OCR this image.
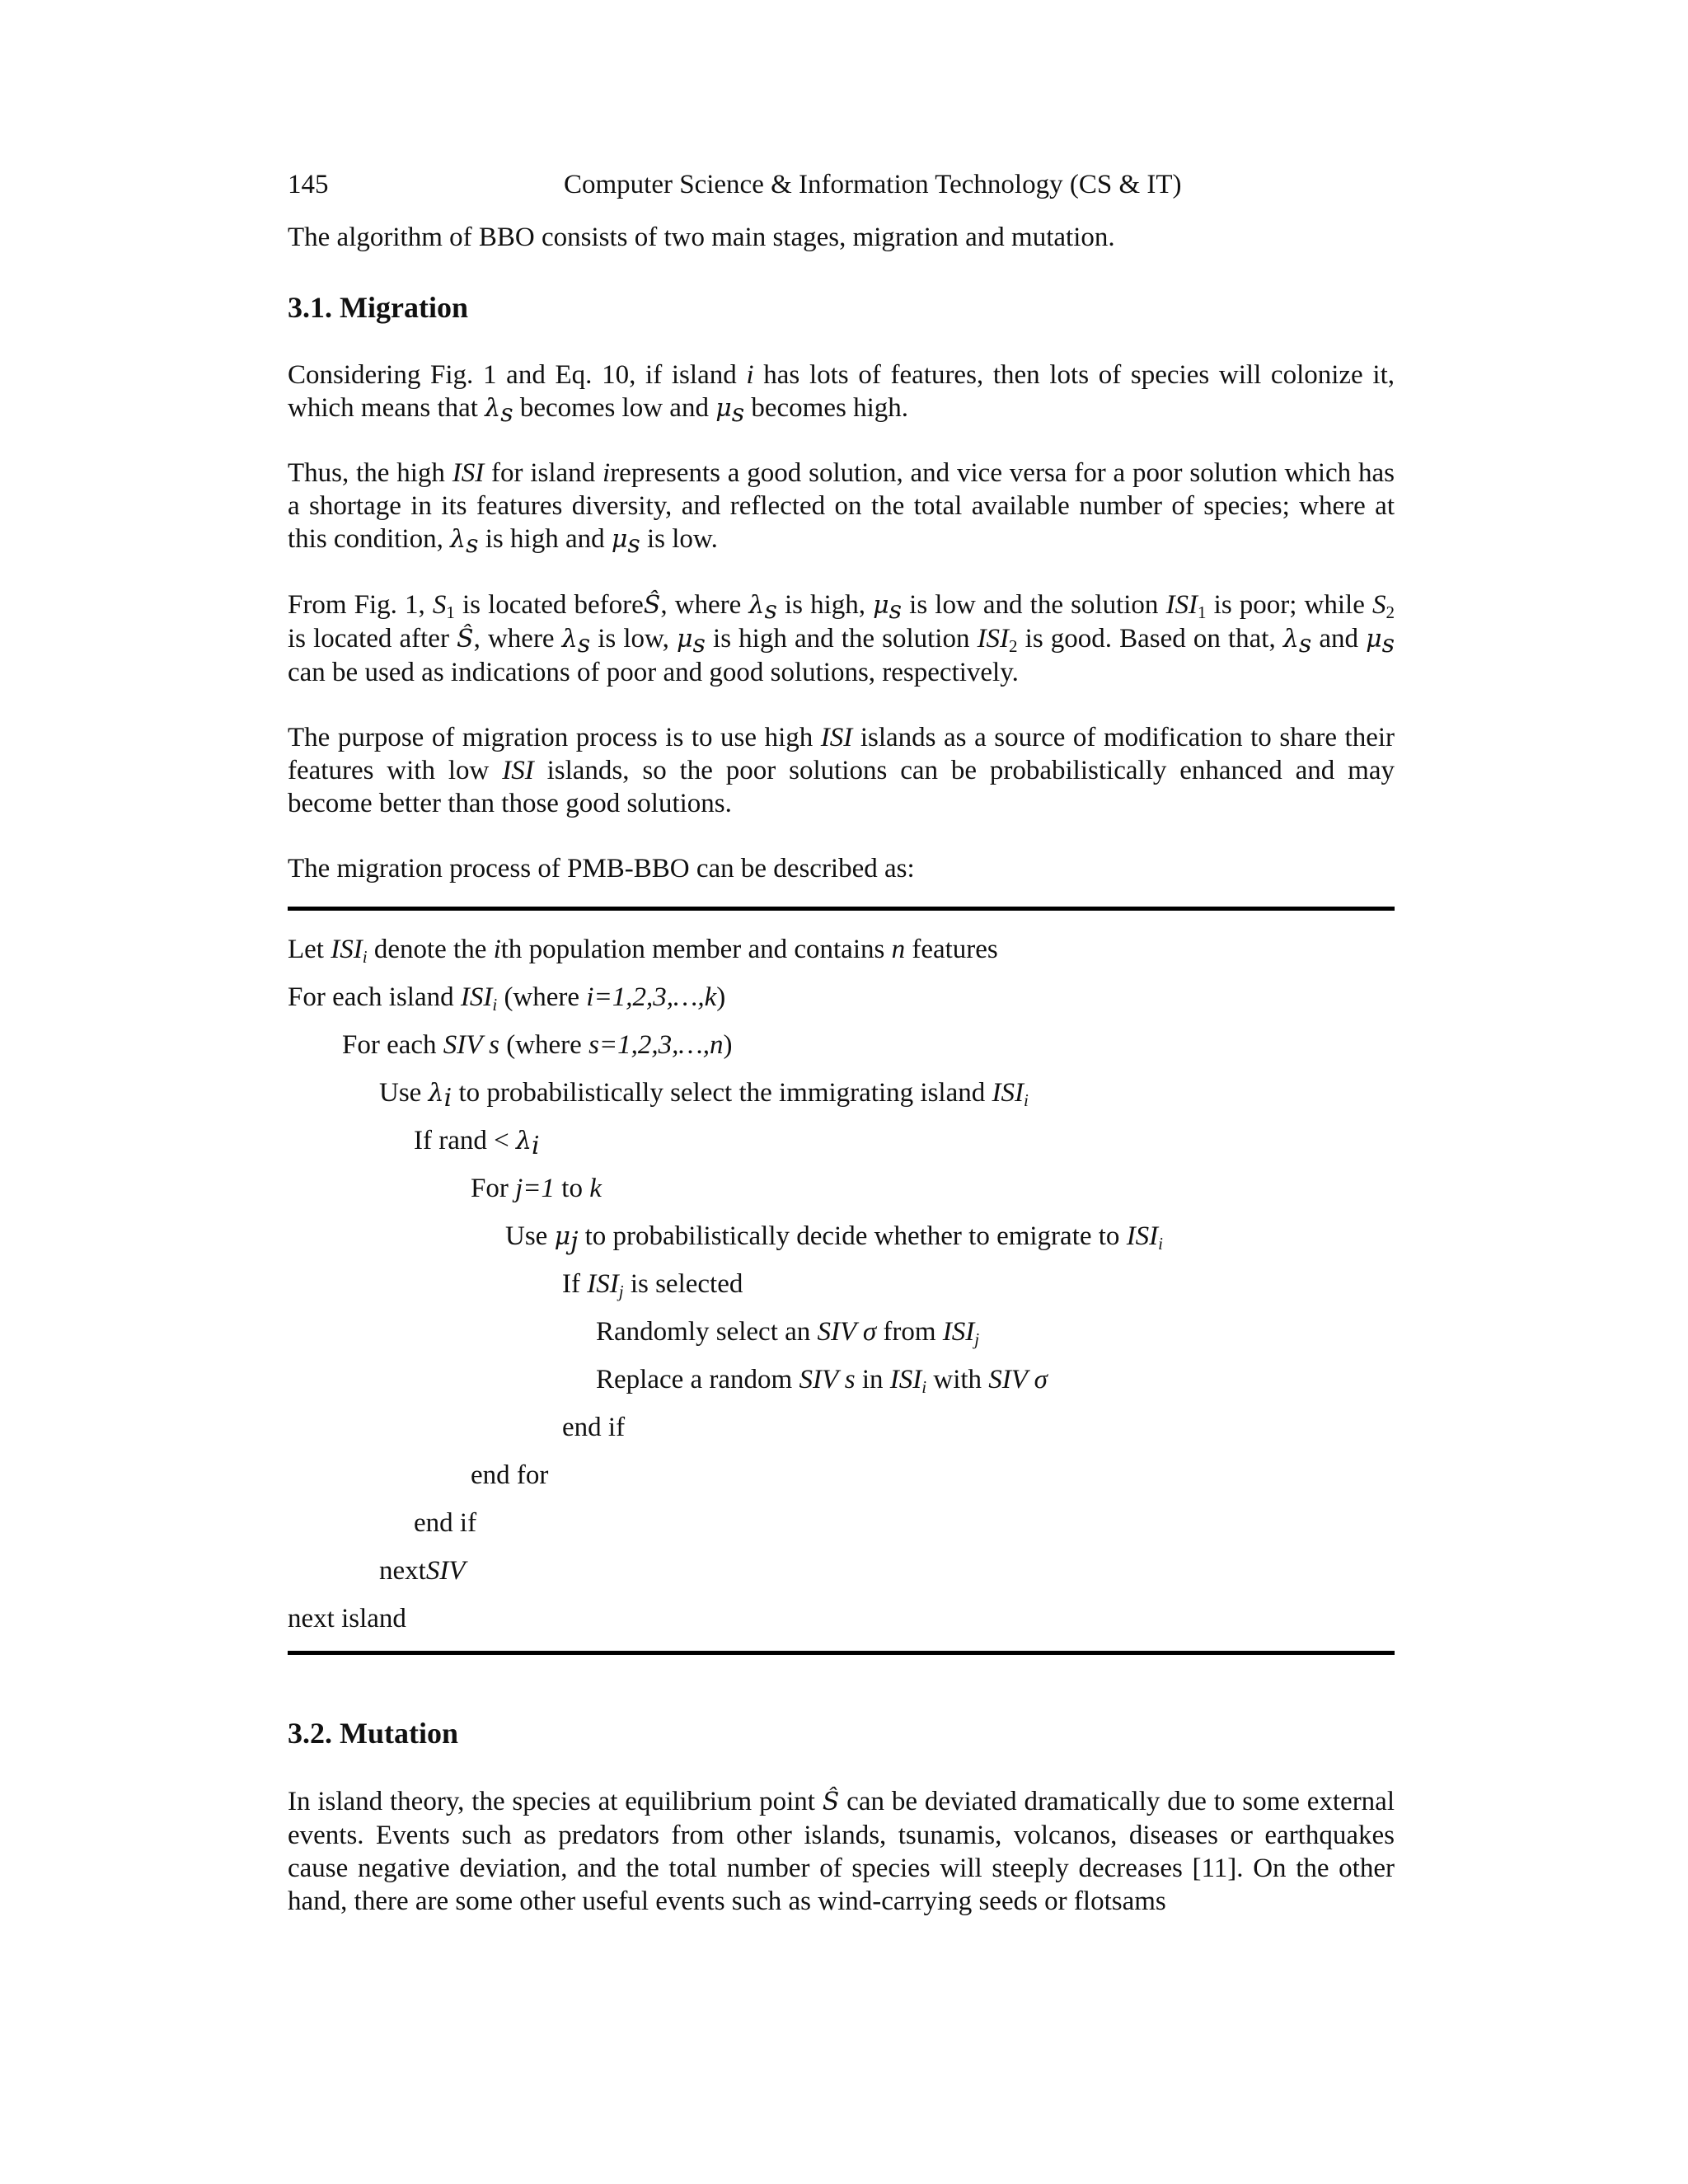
145	Computer Science & Information Technology (CS & IT)

The algorithm of BBO consists of two main stages, migration and mutation.

3.1. Migration

Considering Fig. 1 and Eq. 10, if island i has lots of features, then lots of species will colonize it, which means that $\lambda_s$ becomes low and $\mu_s$ becomes high.

Thus, the high ISI for island irepresents a good solution, and vice versa for a poor solution which has a shortage in its features diversity, and reflected on the total available number of species; where at this condition, $\lambda_s$ is high and $\mu_s$ is low.

From Fig. 1, $S_1$ is located beforeŜ, where $\lambda_s$ is high, $\mu_s$ is low and the solution $ISI_1$ is poor; while $S_2$ is located after Ŝ, where $\lambda_s$ is low, $\mu_s$ is high and the solution $ISI_2$ is good. Based on that, $\lambda_s$ and $\mu_s$ can be used as indications of poor and good solutions, respectively.

The purpose of migration process is to use high ISI islands as a source of modification to share their features with low ISI islands, so the poor solutions can be probabilistically enhanced and may become better than those good solutions.

The migration process of PMB-BBO can be described as:

Let $ISI_i$ denote the ith population member and contains n features
For each island $ISI_i$ (where i=1,2,3,…,k)
For each SIV s (where s=1,2,3,…,n)
Use $\lambda_i$ to probabilistically select the immigrating island $ISI_i$
If rand < $\lambda_i$
For j=1 to k
Use $\mu_j$ to probabilistically decide whether to emigrate to $ISI_i$
If $ISI_j$ is selected
Randomly select an SIV σ from $ISI_j$
Replace a random SIV s in $ISI_i$ with SIV σ
end if
end for
end if
nextSIV
next island
3.2. Mutation

In island theory, the species at equilibrium point Ŝ can be deviated dramatically due to some external events. Events such as predators from other islands, tsunamis, volcanos, diseases or earthquakes cause negative deviation, and the total number of species will steeply decreases [11]. On the other hand, there are some other useful events such as wind-carrying seeds or flotsams
